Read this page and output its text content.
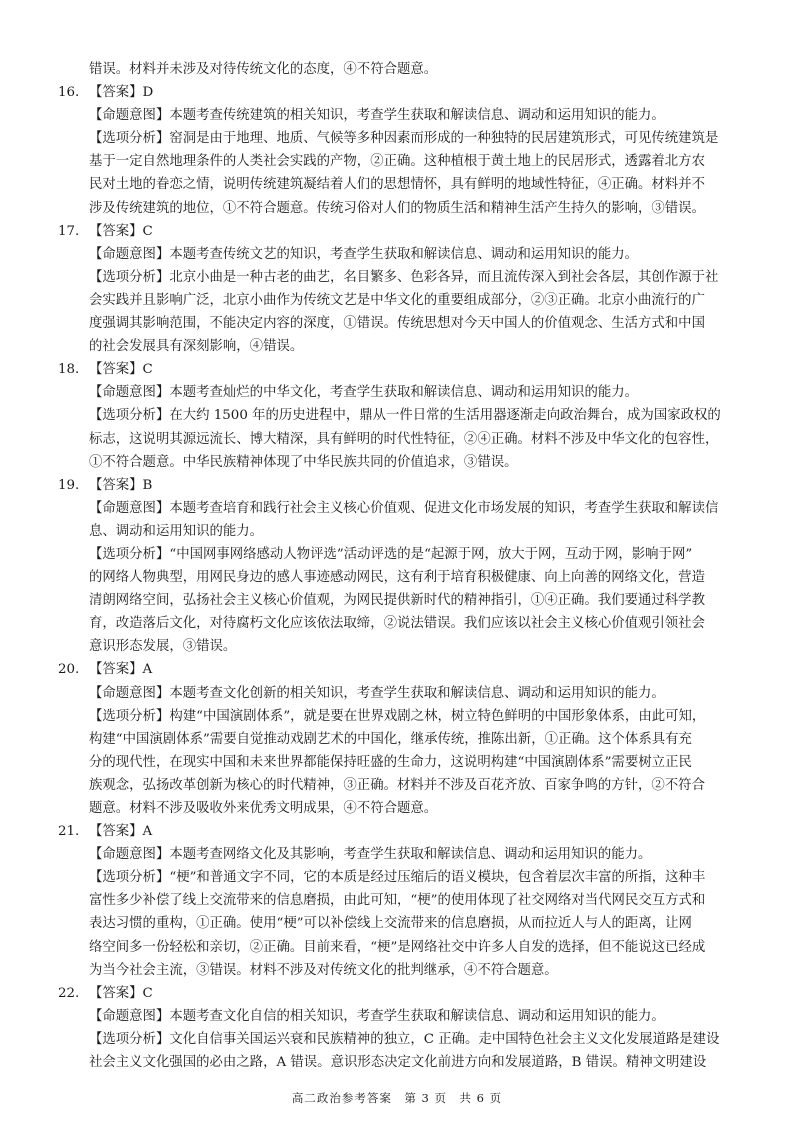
错误。材料并未涉及对待传统文化的态度，④不符合题意。
16. 【答案】D
【命题意图】本题考查传统建筑的相关知识，考查学生获取和解读信息、调动和运用知识的能力。
【选项分析】窑洞是由于地理、地质、气候等多种因素而形成的一种独特的民居建筑形式，可见传统建筑是
基于一定自然地理条件的人类社会实践的产物，②正确。这种植根于黄土地上的民居形式，透露着北方农
民对土地的眷恋之情，说明传统建筑凝结着人们的思想情怀，具有鲜明的地域性特征，④正确。材料并不
涉及传统建筑的地位，①不符合题意。传统习俗对人们的物质生活和精神生活产生持久的影响，③错误。
17. 【答案】C
【命题意图】本题考查传统文艺的知识，考查学生获取和解读信息、调动和运用知识的能力。
【选项分析】北京小曲是一种古老的曲艺，名目繁多、色彩各异，而且流传深入到社会各层，其创作源于社
会实践并且影响广泛，北京小曲作为传统文艺是中华文化的重要组成部分，②③正确。北京小曲流行的广
度强调其影响范围，不能决定内容的深度，①错误。传统思想对今天中国人的价值观念、生活方式和中国
的社会发展具有深刻影响，④错误。
18. 【答案】C
【命题意图】本题考查灿烂的中华文化，考查学生获取和解读信息、调动和运用知识的能力。
【选项分析】在大约 1500 年的历史进程中，鼎从一件日常的生活用器逐渐走向政治舞台，成为国家政权的
标志，这说明其源远流长、博大精深，具有鲜明的时代性特征，②④正确。材料不涉及中华文化的包容性，
①不符合题意。中华民族精神体现了中华民族共同的价值追求，③错误。
19. 【答案】B
【命题意图】本题考查培育和践行社会主义核心价值观、促进文化市场发展的知识，考查学生获取和解读信
息、调动和运用知识的能力。
【选项分析】“中国网事网络感动人物评选”活动评选的是“起源于网，放大于网，互动于网，影响于网”
的网络人物典型，用网民身边的感人事迹感动网民，这有利于培育积极健康、向上向善的网络文化，营造
清朗网络空间，弘扬社会主义核心价值观，为网民提供新时代的精神指引，①④正确。我们要通过科学教
育，改造落后文化，对待腐朽文化应该依法取缔，②说法错误。我们应该以社会主义核心价值观引领社会
意识形态发展，③错误。
20. 【答案】A
【命题意图】本题考查文化创新的相关知识，考查学生获取和解读信息、调动和运用知识的能力。
【选项分析】构建“中国演剧体系”，就是要在世界戏剧之林，树立特色鲜明的中国形象体系，由此可知，
构建“中国演剧体系”需要自觉推动戏剧艺术的中国化，继承传统，推陈出新，①正确。这个体系具有充
分的现代性，在现实中国和未来世界都能保持旺盛的生命力，这说明构建“中国演剧体系”需要树立正民
族观念，弘扬改革创新为核心的时代精神，③正确。材料并不涉及百花齐放、百家争鸣的方针，②不符合
题意。材料不涉及吸收外来优秀文明成果，④不符合题意。
21. 【答案】A
【命题意图】本题考查网络文化及其影响，考查学生获取和解读信息、调动和运用知识的能力。
【选项分析】“梗”和普通文字不同，它的本质是经过压缩后的语义模块，包含着层次丰富的所指，这种丰
富性多少补偿了线上交流带来的信息磨损，由此可知，“梗”的使用体现了社交网络对当代网民交互方式和
表达习惯的重构，①正确。使用“梗”可以补偿线上交流带来的信息磨损，从而拉近人与人的距离，让网
络空间多一份轻松和亲切，②正确。目前来看，“梗”是网络社交中许多人自发的选择，但不能说这已经成
为当今社会主流，③错误。材料不涉及对传统文化的批判继承，④不符合题意。
22. 【答案】C
【命题意图】本题考查文化自信的相关知识，考查学生获取和解读信息、调动和运用知识的能力。
【选项分析】文化自信事关国运兴衰和民族精神的独立，C 正确。走中国特色社会主义文化发展道路是建设
社会主义文化强国的必由之路，A 错误。意识形态决定文化前进方向和发展道路，B 错误。精神文明建设
高二政治参考答案　第 3 页　共 6 页
